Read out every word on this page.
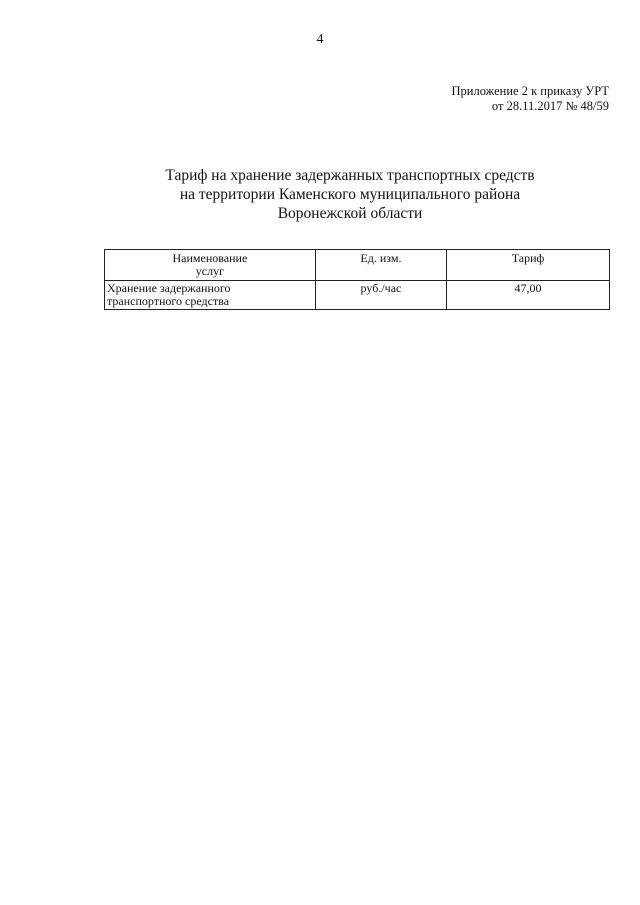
4
Приложение 2 к приказу УРТ
от 28.11.2017 № 48/59
Тариф на хранение задержанных транспортных средств
на территории Каменского муниципального района
Воронежской области
Наименование
услуг	Ед. изм.	Тариф

Хранение задержанного
транспортного средства	руб./час	47,00
